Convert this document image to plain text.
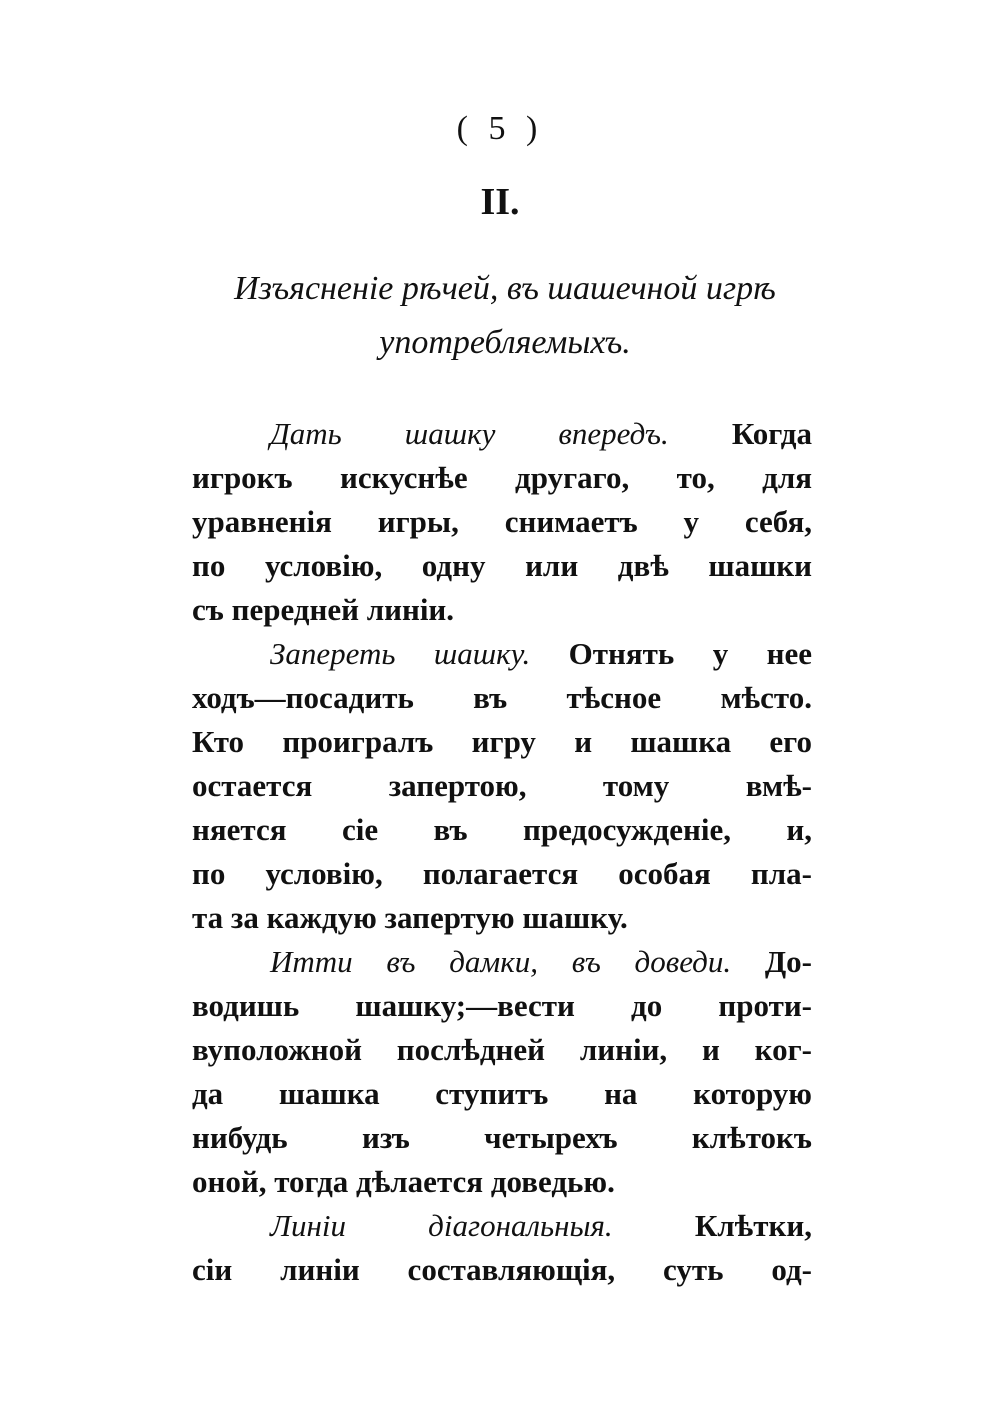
( 5 )
II.
Изъясненіе рѣчей, въ шашечной игрѣ
употребляемыхъ.
Дать шашку впередъ. Когда
игрокъ искуснѣе другаго, то, для
уравненія игры, снимаетъ у себя,
по условію, одну или двѣ шашки
съ передней линіи.
Запереть шашку. Отнять у нее
ходъ—посадить въ тѣсное мѣсто.
Кто проигралъ игру и шашка его
остается запертою, тому вмѣ-
няется сіе въ предосужденіе, и,
по условію, полагается особая пла-
та за каждую запертую шашку.
Итти въ дамки, въ доведи. До-
водишь шашку;—вести до проти-
вуположной послѣдней линіи, и ког-
да шашка ступитъ на которую
нибудь изъ четырехъ клѣтокъ
оной, тогда дѣлается доведью.
Линіи діагональныя.	Клѣтки,
сіи линіи составляющія, суть од-
